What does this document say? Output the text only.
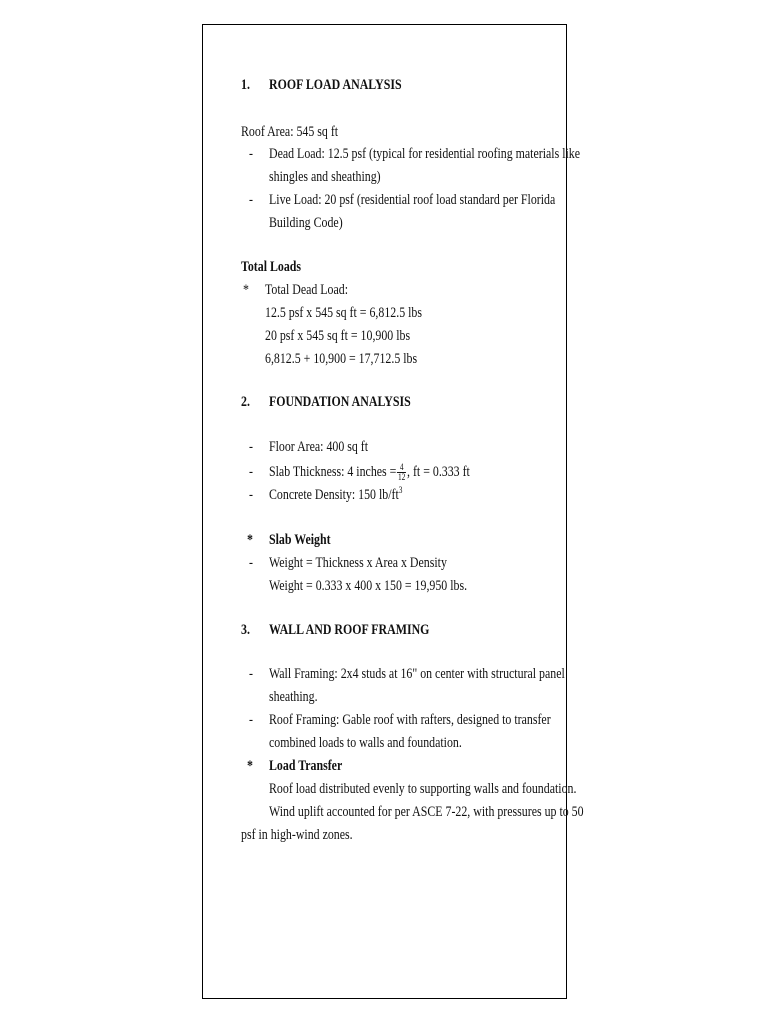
1. ROOF LOAD ANALYSIS
Roof Area: 545 sq ft
- Dead Load: 12.5 psf (typical for residential roofing materials like
shingles and sheathing)
- Live Load: 20 psf (residential roof load standard per Florida
Building Code)
Total Loads
* Total Dead Load:
12.5 psf x 545 sq ft = 6,812.5 lbs
20 psf x 545 sq ft = 10,900 lbs
6,812.5 + 10,900 = 17,712.5 lbs
2. FOUNDATION ANALYSIS
- Floor Area: 400 sq ft
- Slab Thickness: 4 inches = $\frac{4}{12}$ , ft = 0.333 ft
- Concrete Density: 150 $lb/ft^3$
* Slab Weight
- Weight = Thickness x Area x Density
Weight = 0.333 x 400 x 150 = 19,950 lbs.
3. WALL AND ROOF FRAMING
- Wall Framing: 2x4 studs at 16" on center with structural panel
sheathing.
- Roof Framing: Gable roof with rafters, designed to transfer
combined loads to walls and foundation.
* Load Transfer
Roof load distributed evenly to supporting walls and foundation.
Wind uplift accounted for per ASCE 7-22, with pressures up to 50
psf in high-wind zones.
